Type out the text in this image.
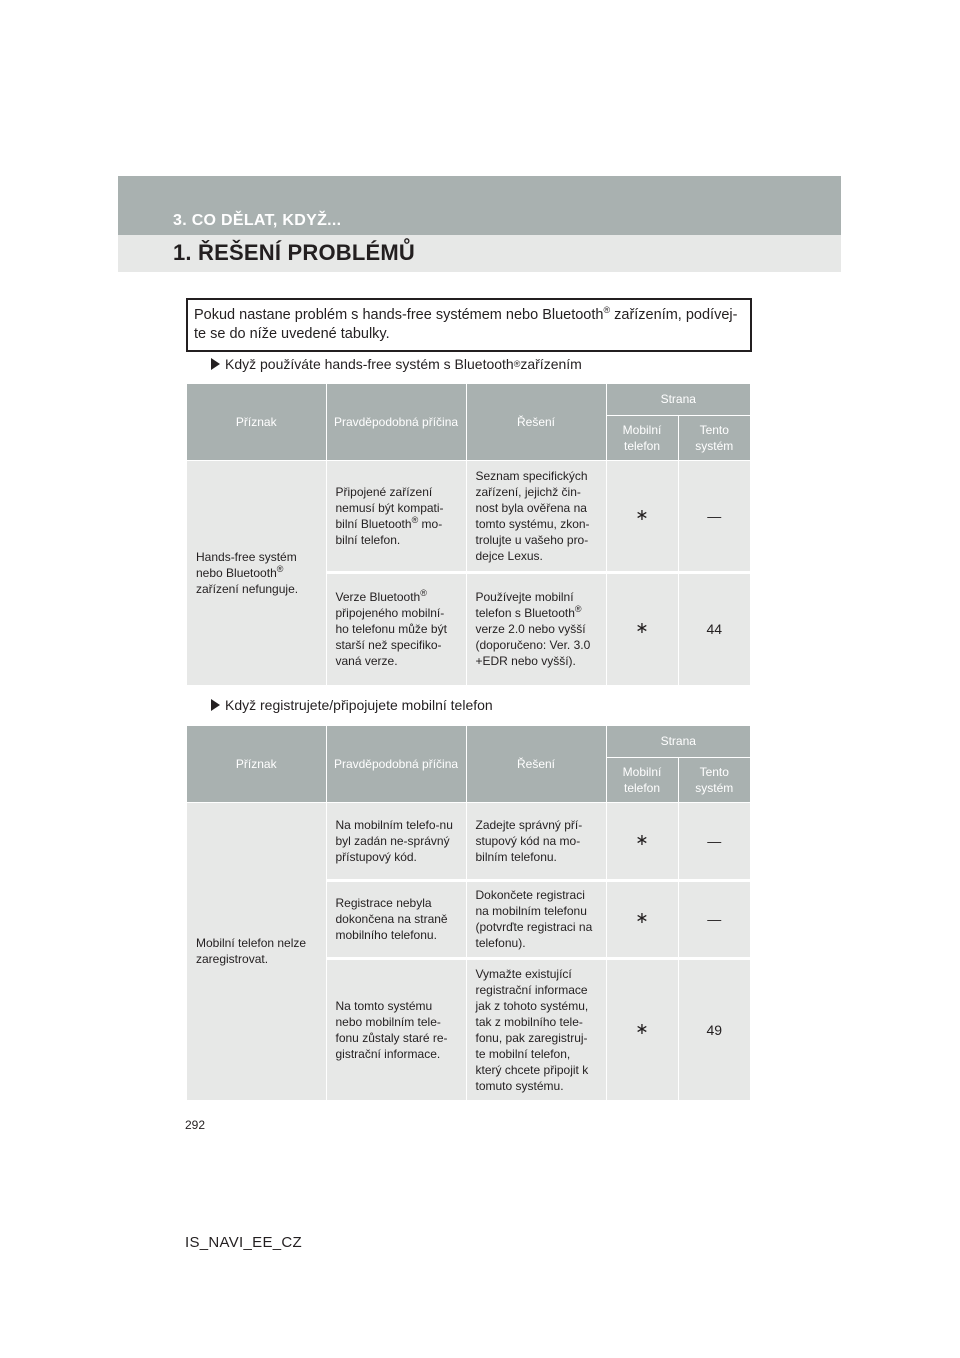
3. CO DĚLAT, KDYŽ...
1. ŘEŠENÍ PROBLÉMŮ
Pokud nastane problém s hands-free systémem nebo Bluetooth® zařízením, podívej-te se do níže uvedené tabulky.
Když používáte hands-free systém s Bluetooth ® zařízením
Příznak	Pravděpodobná příčina	Řešení	Strana	
			Mobilní telefon	Tento systém
Hands-free systém nebo Bluetooth® zařízení nefunguje.	Připojené zařízení nemusí být kompati-bilní Bluetooth® mo-bilní telefon.	Seznam specifických zařízení, jejichž čin-nost byla ověřena na tomto systému, zkon-trolujte u vašeho pro-dejce Lexus.	∗	—
	Verze Bluetooth® připojeného mobilní-ho telefonu může být starší než specifiko-vaná verze.	Používejte mobilní telefon s Bluetooth® verze 2.0 nebo vyšší (doporučeno: Ver. 3.0 +EDR nebo vyšší).	∗	44
Když registrujete/připojujete mobilní telefon
Příznak	Pravděpodobná příčina	Řešení	Strana	
			Mobilní telefon	Tento systém
Mobilní telefon nelze zaregistrovat.	Na mobilním telefo-nu byl zadán ne-správný přístupový kód.	Zadejte správný pří-stupový kód na mo-bilním telefonu.	∗	—
	Registrace nebyla dokončena na straně mobilního telefonu.	Dokončete registraci na mobilním telefonu (potvrďte registraci na telefonu).	∗	—
	Na tomto systému nebo mobilním tele-fonu zůstaly staré re-gistrační informace.	Vymažte existující registrační informace jak z tohoto systému, tak z mobilního tele-fonu, pak zaregistruj-te mobilní telefon, který chcete připojit k tomuto systému.	∗	49
292
IS_NAVI_EE_CZ
